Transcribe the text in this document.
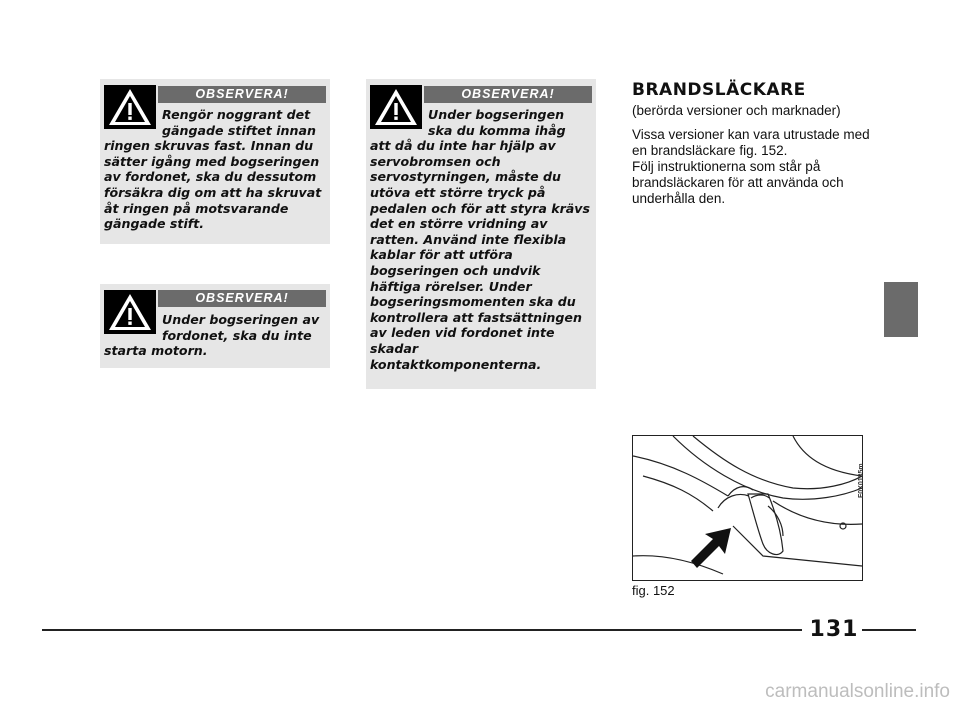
OBSERVERA!
Rengör noggrant det gängade stiftet innan ringen skruvas fast. Innan du sätter igång med bogseringen av fordonet, ska du dessutom försäkra dig om att ha skruvat åt ringen på motsvarande gängade stift.
OBSERVERA!
Under bogseringen av fordonet, ska du inte starta motorn.
OBSERVERA!
Under bogseringen ska du komma ihåg att då du inte har hjälp av servobromsen och servostyrningen, måste du utöva ett större tryck på pedalen och för att styra krävs det en större vridning av ratten. Använd inte flexibla kablar för att utföra bogseringen och undvik häftiga rörelser. Under bogseringsmomenten ska du kontrollera att fastsättningen av leden vid fordonet inte skadar kontaktkomponenterna.
BRANDSLÄCKARE
(berörda versioner och marknader)

Vissa versioner kan vara utrustade med en brandsläckare fig. 152.

Följ instruktionerna som står på brandsläckaren för att använda och underhålla den.

F0X0135m
fig. 152
131
carmanualsonline.info
